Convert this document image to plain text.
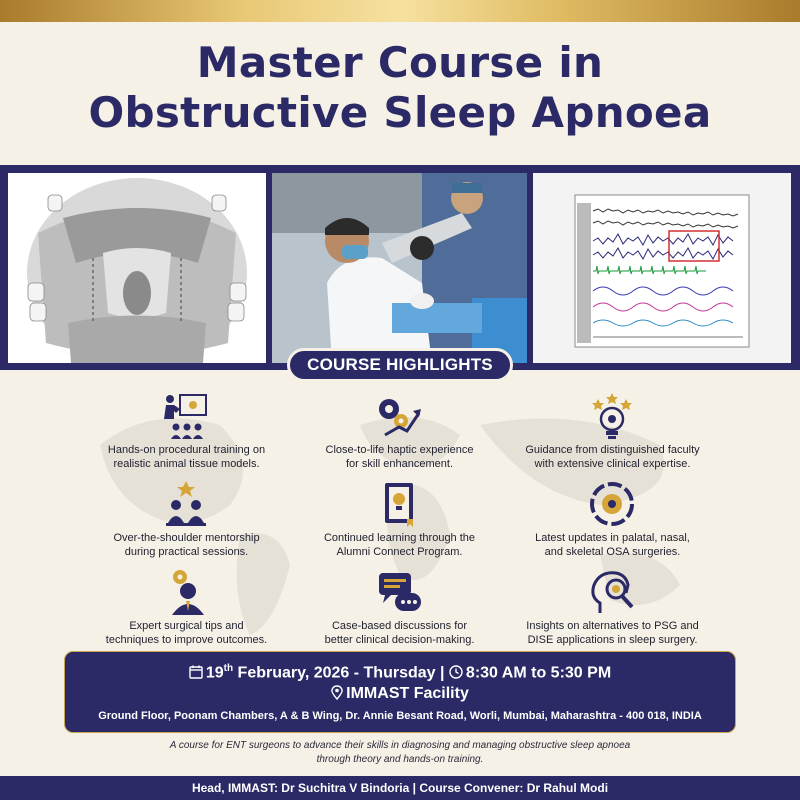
Master Course in
Obstructive Sleep Apnoea
COURSE HIGHLIGHTS
Hands-on procedural training on
realistic animal tissue models.
Close-to-life haptic experience
for skill enhancement.
Guidance from distinguished faculty
with extensive clinical expertise.
Over-the-shoulder mentorship
during practical sessions.
Continued learning through the
Alumni Connect Program.
Latest updates in palatal, nasal,
and skeletal OSA surgeries.
Expert surgical tips and
techniques to improve outcomes.
Case-based discussions for
better clinical decision-making.
Insights on alternatives to PSG and
DISE applications in sleep surgery.
19th February, 2026 - Thursday | 8:30 AM to 5:30 PM
IMMAST Facility
Ground Floor, Poonam Chambers, A & B Wing, Dr. Annie Besant Road, Worli, Mumbai, Maharashtra - 400 018, INDIA
A course for ENT surgeons to advance their skills in diagnosing and managing obstructive sleep apnoea
through theory and hands-on training.
Head, IMMAST: Dr Suchitra V Bindoria | Course Convener: Dr Rahul Modi
